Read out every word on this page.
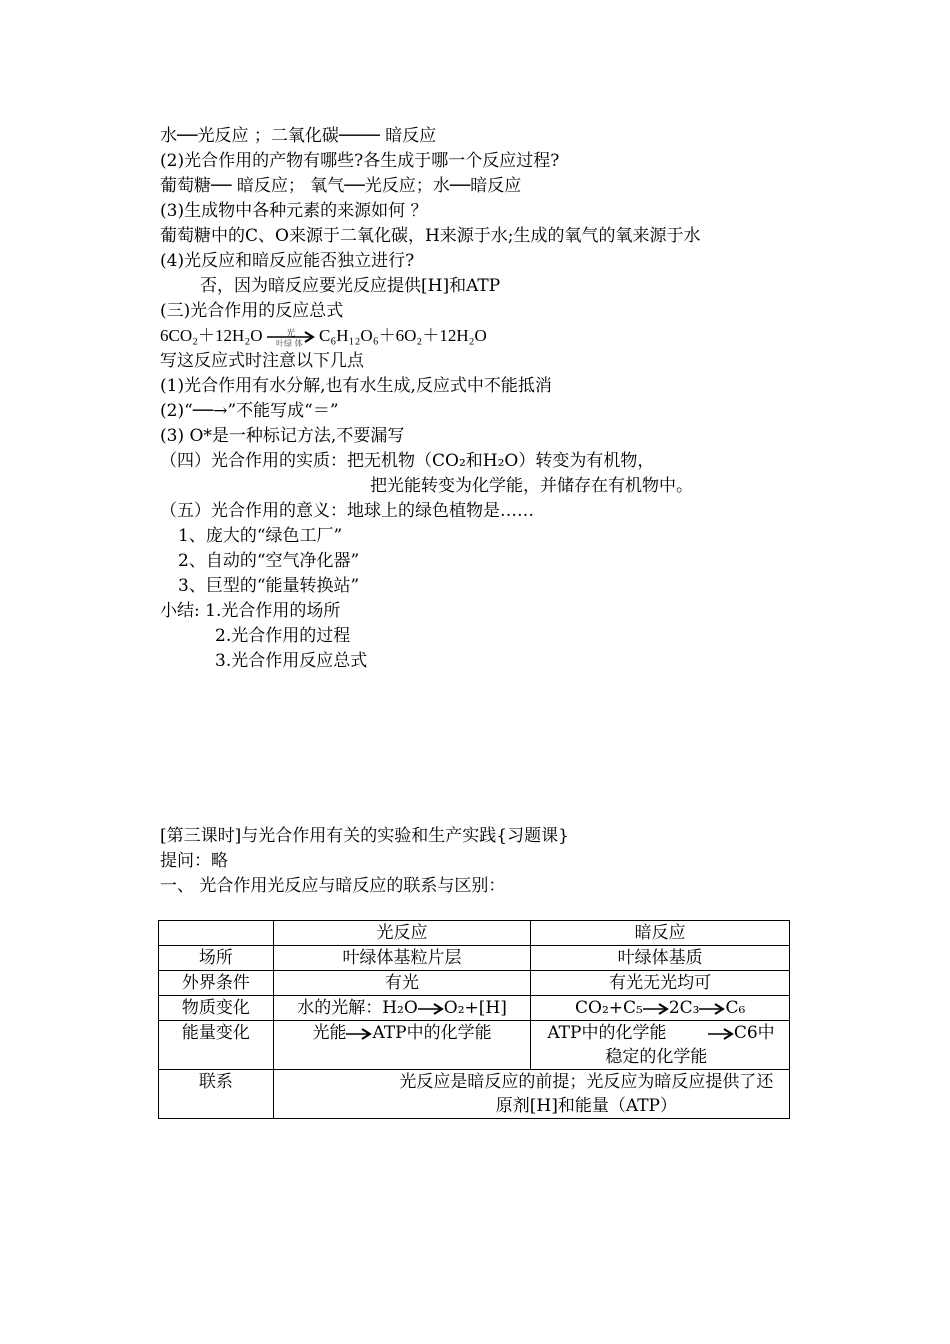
水──光反应 ；二氧化碳──── 暗反应
(2)光合作用的产物有哪些?各生成于哪一个反应过程?
葡萄糖── 暗反应； 氧气──光反应；水──暗反应
(3)生成物中各种元素的来源如何 ？
葡萄糖中的C、O来源于二氧化碳，H来源于水;生成的氧气的氧来源于水
(4)光反应和暗反应能否独立进行?
否，因为暗反应要光反应提供[H]和ATP
(三)光合作用的反应总式
6CO₂＋12H₂O	光	C₆H₁₂O₆＋6O₂＋12H₂O
叶绿 体
写这反应式时注意以下几点
(1)光合作用有水分解,也有水生成,反应式中不能抵消
(2)“──→”不能写成“＝”
(3) O*是一种标记方法,不要漏写
（四）光合作用的实质：把无机物（CO₂和H₂O）转变为有机物，
把光能转变为化学能，并储存在有机物中。
（五）光合作用的意义：地球上的绿色植物是……
1、庞大的“绿色工厂”
2、自动的“空气净化器”
3、巨型的“能量转换站”
小结: 1.光合作用的场所
2.光合作用的过程
3.光合作用反应总式
[第三课时]与光合作用有关的实验和生产实践{习题课}
提问：略
一、 光合作用光反应与暗反应的联系与区别：
	光反应	暗反应
场所	叶绿体基粒片层	叶绿体基质
外界条件	有光	有光无光均可
物质变化	水的光解：H₂O O₂+[H]	CO₂+C₅ 2C₃ C₆
能量变化	光能 ATP中的化学能	ATP中的化学能 C6中
稳定的化学能

联系	光反应是暗反应的前提；光反应为暗反应提供了还原剂[H]和能量（ATP）	
